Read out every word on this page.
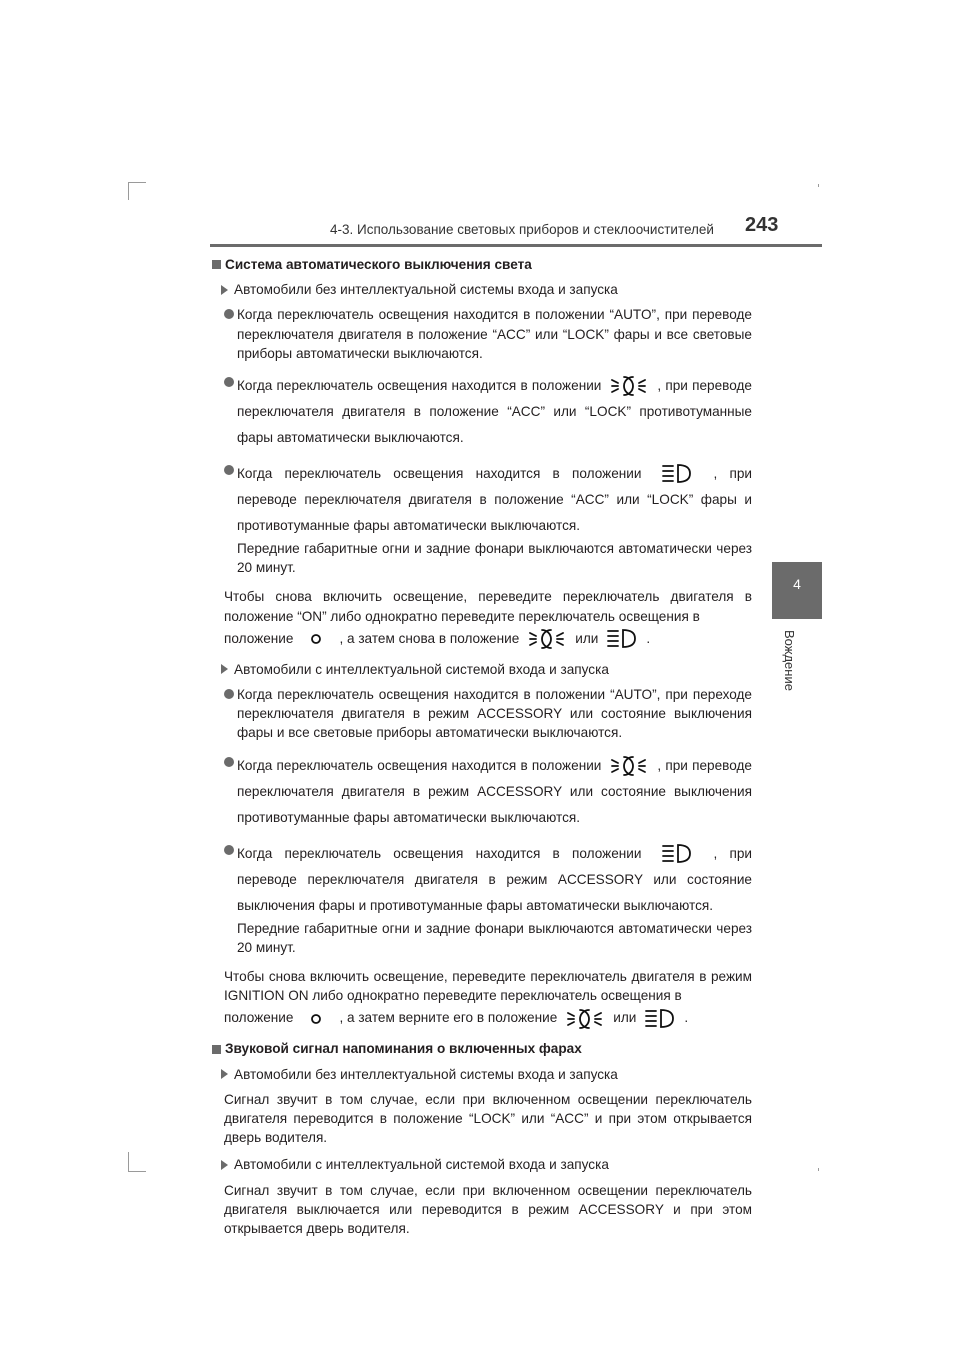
4-3. Использование световых приборов и стеклоочистителей 243
4
Вождение
Система автоматического выключения света
Автомобили без интеллектуальной системы входа и запуска
Когда переключатель освещения находится в положении “AUTO”, при переводе переключателя двигателя в положение “ACC” или “LOCK” фары и все световые приборы автоматически выключаются.
Когда переключатель освещения находится в положении	, при переводе переключателя двигателя в положение “ACC” или “LOCK” противотуманные фары автоматически выключаются.
Когда переключатель освещения находится в положении	, при переводе переключателя двигателя в положение “ACC” или “LOCK” фары и противотуманные фары автоматически выключаются.
Передние габаритные огни и задние фонари выключаются автоматически через 20 минут.
Чтобы снова включить освещение, переведите переключатель двигателя в положение “ON” либо однократно переведите переключатель освещения в
положение	, а затем снова в положение	или	.
Автомобили с интеллектуальной системой входа и запуска
Когда переключатель освещения находится в положении “AUTO”, при переходе переключателя двигателя в режим ACCESSORY или состояние выключения фары и все световые приборы автоматически выключаются.
Когда переключатель освещения находится в положении	, при переводе переключателя двигателя в режим ACCESSORY или состояние выключения противотуманные фары автоматически выключаются.
Когда переключатель освещения находится в положении	, при переводе переключателя двигателя в режим ACCESSORY или состояние выключения фары и противотуманные фары автоматически выключаются.
Передние габаритные огни и задние фонари выключаются автоматически через 20 минут.
Чтобы снова включить освещение, переведите переключатель двигателя в режим IGNITION ON либо однократно переведите переключатель освещения в
положение	, а затем верните его в положение	или	.
Звуковой сигнал напоминания о включенных фарах
Автомобили без интеллектуальной системы входа и запуска
Сигнал звучит в том случае, если при включенном освещении переключатель двигателя переводится в положение “LOCK” или “ACC” и при этом открывается дверь водителя.
Автомобили с интеллектуальной системой входа и запуска
Сигнал звучит в том случае, если при включенном освещении переключатель двигателя выключается или переводится в режим ACCESSORY и при этом открывается дверь водителя.
